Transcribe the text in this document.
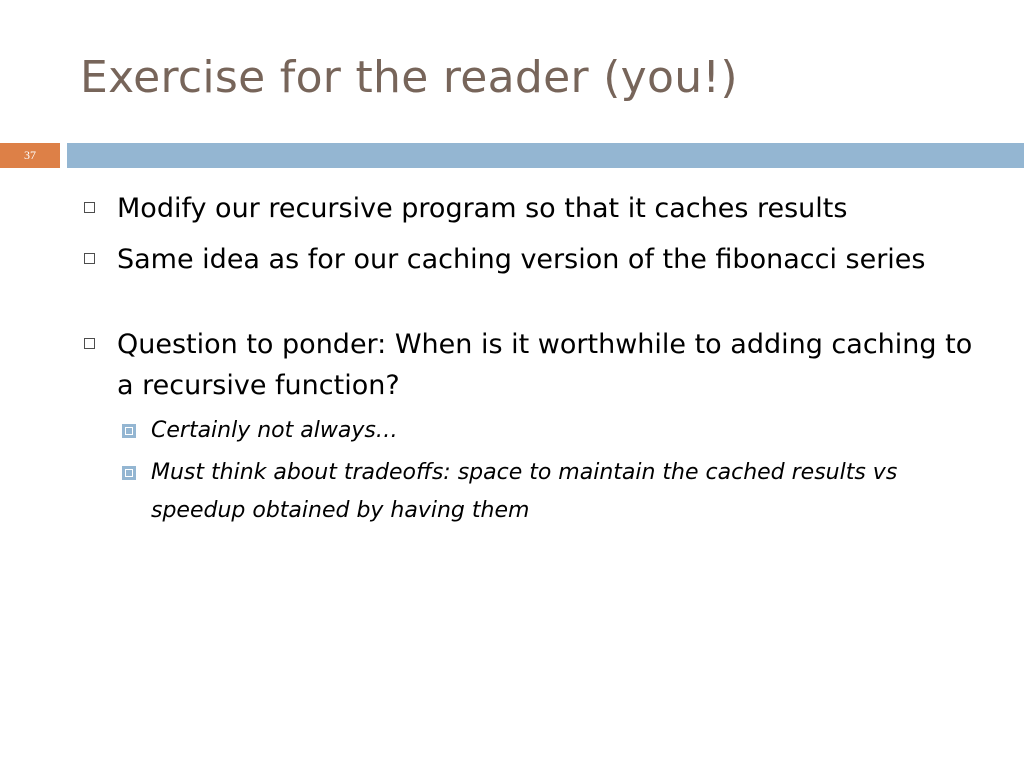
Exercise for the reader (you!)
37
Modify our recursive program so that it caches results
Same idea as for our caching version of the fibonacci series
Question to ponder: When is it worthwhile to adding caching to a recursive function?
Certainly not always…
Must think about tradeoffs: space to maintain the cached results vs speedup obtained by having them
